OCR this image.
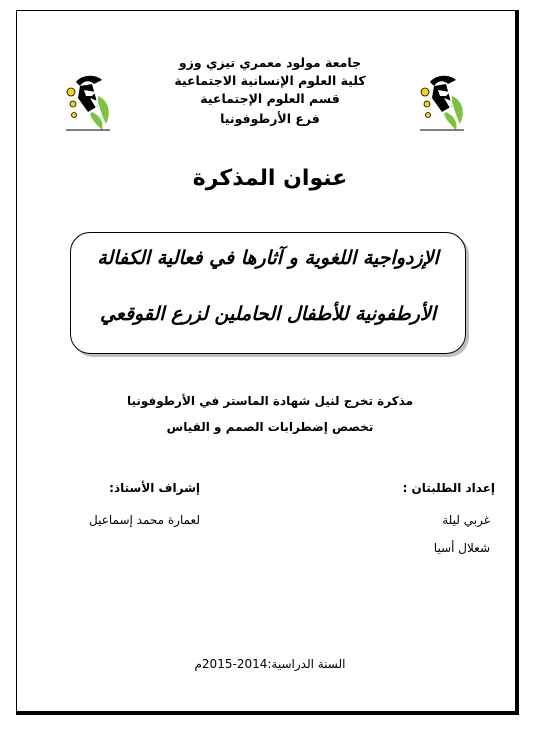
جامعة مولود معمري تيزي وزو
كلية العلوم الإنسانية الاجتماعية
قسم العلوم الإجتماعية
فرع الأرطوفونيا
عنوان المذكرة
الإزدواجية اللغوية و آثارها في فعالية الكفالة
الأرطفونية للأطفال الحاملين لزرع القوقعي
مذكرة تخرج لنيل شهادة الماستر في الأرطوفونيا
تخصص إضطرابات الصمم و القياس
إعداد الطلبتان :
غربي ليلة
شعلال أسيا
إشراف الأستاذ:
لعمارة محمد إسماعيل
السنة الدراسية:2014-2015م
